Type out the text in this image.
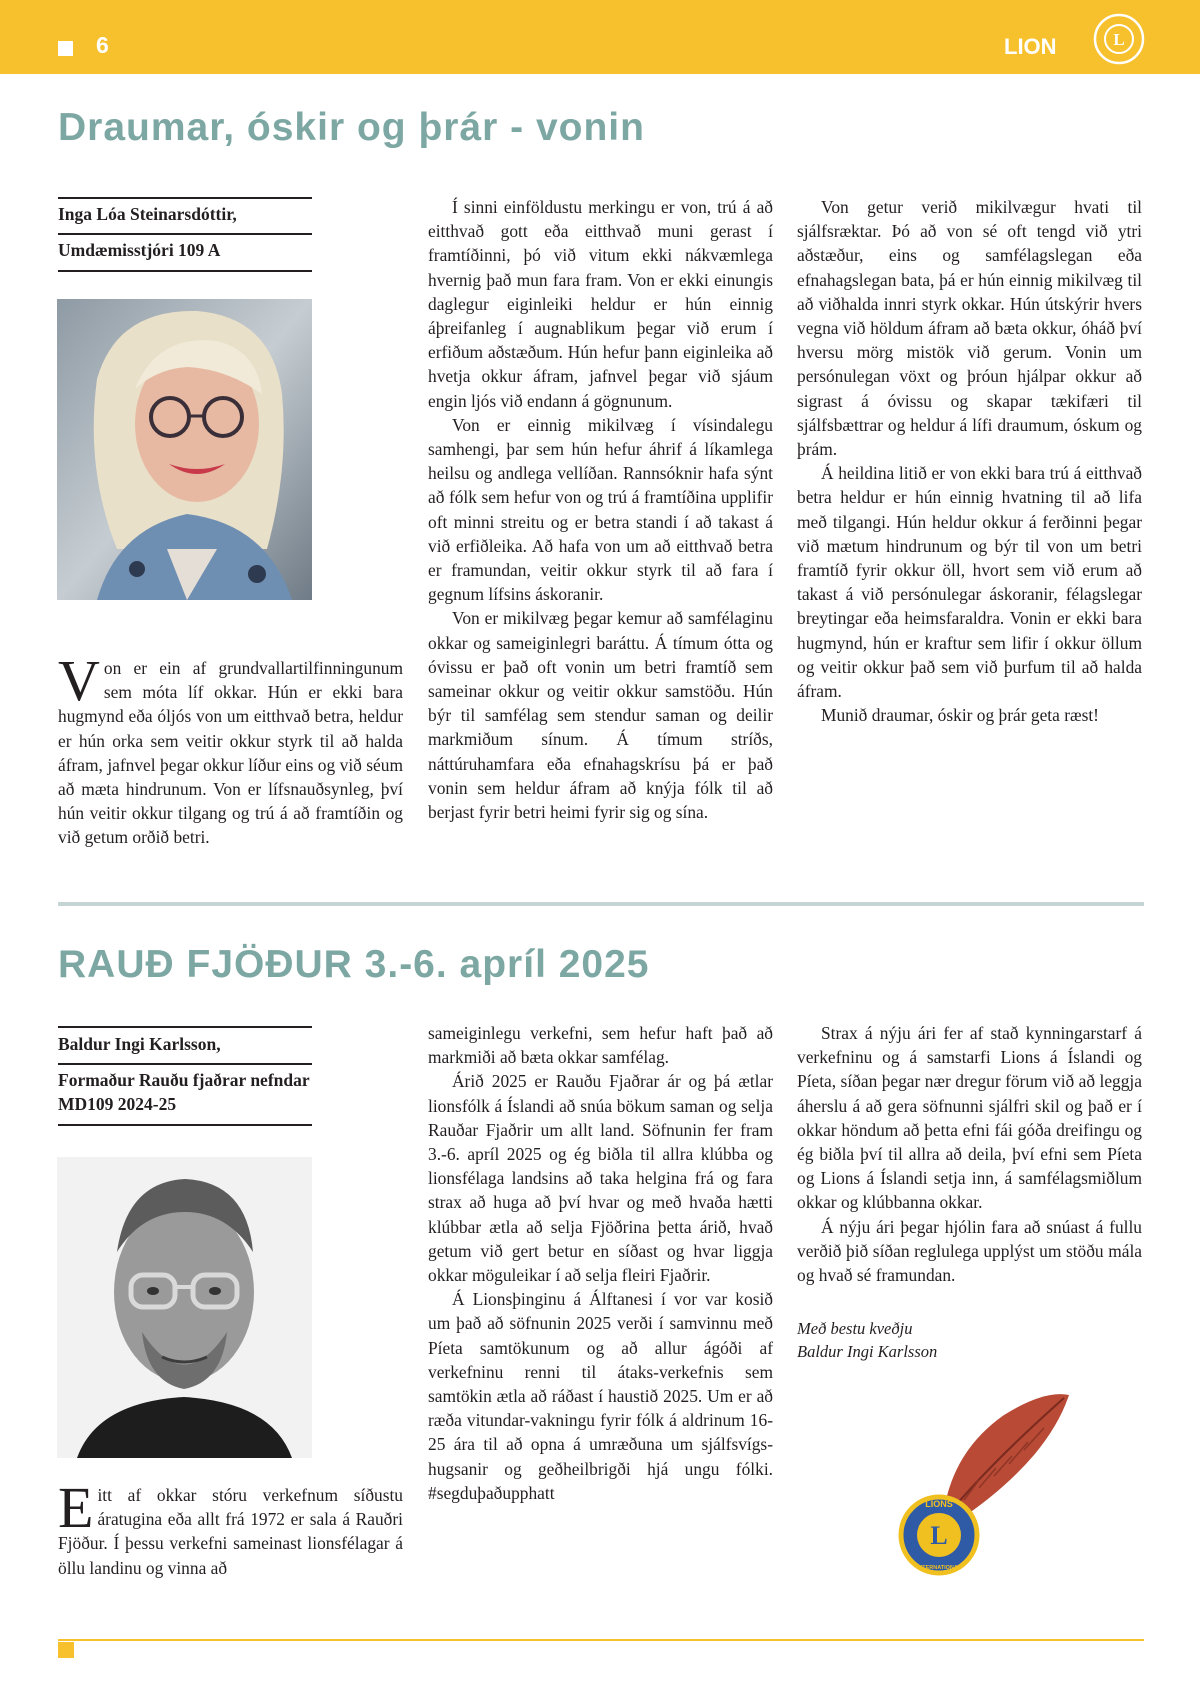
6	LION	L
Draumar, óskir og þrár - vonin
Inga Lóa Steinarsdóttir,
Umdæmisstjóri 109 A

Von er ein af grundvallartilfinningunum sem móta líf okkar. Hún er ekki bara hugmynd eða óljós von um eitthvað betra, heldur er hún orka sem veitir okkur styrk til að halda áfram, jafnvel þegar okkur líður eins og við séum að mæta hindrunum. Von er lífsnauðsynleg, því hún veitir okkur tilgang og trú á að framtíðin og við getum orðið betri.

Í sinni einföldustu merkingu er von, trú á að eitthvað gott eða eitthvað muni gerast í framtíðinni, þó við vitum ekki nákvæmlega hvernig það mun fara fram. Von er ekki einungis daglegur eiginleiki heldur er hún einnig áþreifanleg í augnablikum þegar við erum í erfiðum aðstæðum. Hún hefur þann eiginleika að hvetja okkur áfram, jafnvel þegar við sjáum engin ljós við endann á gögnunum.

Von er einnig mikilvæg í vísindalegu samhengi, þar sem hún hefur áhrif á líkamlega heilsu og andlega vellíðan. Rannsóknir hafa sýnt að fólk sem hefur von og trú á framtíðina upplifir oft minni streitu og er betra standi í að takast á við erfiðleika. Að hafa von um að eitthvað betra er framundan, veitir okkur styrk til að fara í gegnum lífsins áskoranir.

Von er mikilvæg þegar kemur að samfélaginu okkar og sameiginlegri baráttu. Á tímum ótta og óvissu er það oft vonin um betri framtíð sem sameinar okkur og veitir okkur samstöðu. Hún býr til samfélag sem stendur saman og deilir markmiðum sínum. Á tímum stríðs, náttúruhamfara eða efnahagskrísu þá er það vonin sem heldur áfram að knýja fólk til að berjast fyrir betri heimi fyrir sig og sína.

Von getur verið mikilvægur hvati til sjálfsræktar. Þó að von sé oft tengd við ytri aðstæður, eins og samfélagslegan eða efnahagslegan bata, þá er hún einnig mikilvæg til að viðhalda innri styrk okkar. Hún útskýrir hvers vegna við höldum áfram að bæta okkur, óháð því hversu mörg mistök við gerum. Vonin um persónulegan vöxt og þróun hjálpar okkur að sigrast á óvissu og skapar tækifæri til sjálfsbættrar og heldur á lífi draumum, óskum og þrám.

Á heildina litið er von ekki bara trú á eitthvað betra heldur er hún einnig hvatning til að lifa með tilgangi. Hún heldur okkur á ferðinni þegar við mætum hindrunum og býr til von um betri framtíð fyrir okkur öll, hvort sem við erum að takast á við persónulegar áskoranir, félagslegar breytingar eða heimsfaraldra. Vonin er ekki bara hugmynd, hún er kraftur sem lifir í okkur öllum og veitir okkur það sem við þurfum til að halda áfram.

Munið draumar, óskir og þrár geta ræst!

RAUÐ FJÖÐUR 3.-6. apríl 2025
Baldur Ingi Karlsson,
Formaður Rauðu fjaðrar nefndar MD109 2024-25

Eitt af okkar stóru verkefnum síðustu áratugina eða allt frá 1972 er sala á Rauðri Fjöður. Í þessu verkefni sameinast lionsfélagar á öllu landinu og vinna að

sameiginlegu verkefni, sem hefur haft það að markmiði að bæta okkar samfélag.

Árið 2025 er Rauðu Fjaðrar ár og þá ætlar lionsfólk á Íslandi að snúa bökum saman og selja Rauðar Fjaðrir um allt land. Söfnunin fer fram 3.-6. apríl 2025 og ég biðla til allra klúbba og lionsfélaga landsins að taka helgina frá og fara strax að huga að því hvar og með hvaða hætti klúbbar ætla að selja Fjöðrina þetta árið, hvað getum við gert betur en síðast og hvar liggja okkar möguleikar í að selja fleiri Fjaðrir.

Á Lionsþinginu á Álftanesi í vor var kosið um það að söfnunin 2025 verði í samvinnu með Píeta samtökunum og að allur ágóði af verkefninu renni til átaks-verkefnis sem samtökin ætla að ráðast í haustið 2025. Um er að ræða vitundar-vakningu fyrir fólk á aldrinum 16-25 ára til að opna á umræðuna um sjálfsvígs-hugsanir og geðheilbrigði hjá ungu fólki. #segduþaðupphatt

Strax á nýju ári fer af stað kynningarstarf á verkefninu og á samstarfi Lions á Íslandi og Píeta, síðan þegar nær dregur förum við að leggja áherslu á að gera söfnunni sjálfri skil og það er í okkar höndum að þetta efni fái góða dreifingu og ég biðla því til allra að deila, því efni sem Píeta og Lions á Íslandi setja inn, á samfélagsmiðlum okkar og klúbbanna okkar.

Á nýju ári þegar hjólin fara að snúast á fullu verðið þið síðan reglulega upplýst um stöðu mála og hvað sé framundan.

Með bestu kveðju
Baldur Ingi Karlsson
L
LIONS
INTERNATIONAL
